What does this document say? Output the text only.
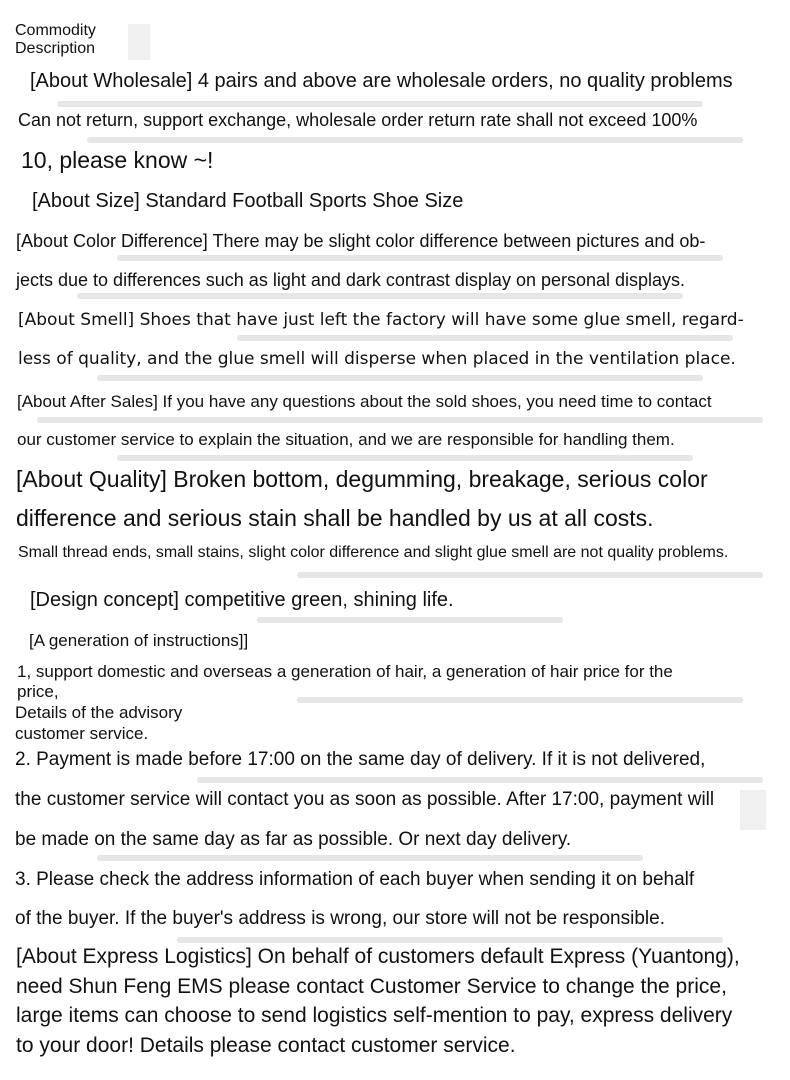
Commodity Description

[About Wholesale] 4 pairs and above are wholesale orders, no quality problems

Can not return, support exchange, wholesale order return rate shall not exceed 100%

10, please know ~!

[About Size] Standard Football Sports Shoe Size

[About Color Difference] There may be slight color difference between pictures and ob-

jects due to differences such as light and dark contrast display on personal displays.

[About Smell] Shoes that have just left the factory will have some glue smell, regard-

less of quality, and the glue smell will disperse when placed in the ventilation place.

[About After Sales] If you have any questions about the sold shoes, you need time to contact

our customer service to explain the situation, and we are responsible for handling them.

[About Quality] Broken bottom, degumming, breakage, serious color

difference and serious stain shall be handled by us at all costs.

Small thread ends, small stains, slight color difference and slight glue smell are not quality problems.

[Design concept] competitive green, shining life.

[A generation of instructions]]

1, support domestic and overseas a generation of hair, a generation of hair price for the price,

Details of the advisory customer service.

2. Payment is made before 17:00 on the same day of delivery. If it is not delivered,

the customer service will contact you as soon as possible. After 17:00, payment will

be made on the same day as far as possible. Or next day delivery.

3. Please check the address information of each buyer when sending it on behalf

of the buyer. If the buyer's address is wrong, our store will not be responsible.

[About Express Logistics] On behalf of customers default Express (Yuantong),

need Shun Feng EMS please contact Customer Service to change the price,

large items can choose to send logistics self-mention to pay, express delivery

to your door! Details please contact customer service.
